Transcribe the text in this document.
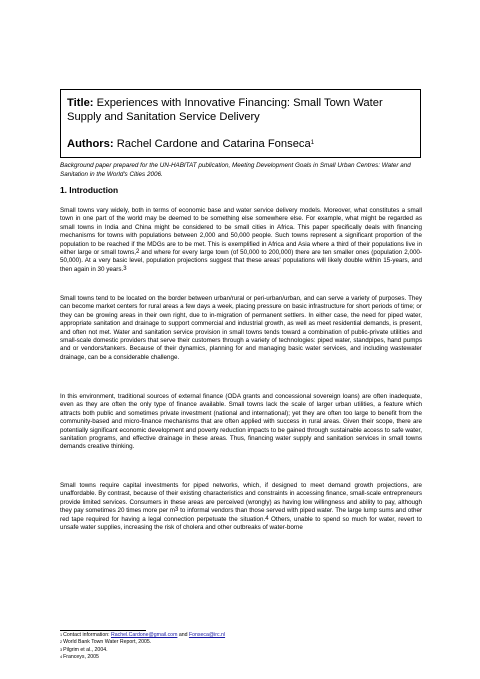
Title: Experiences with Innovative Financing: Small Town Water Supply and Sanitation Service Delivery

Authors: Rachel Cardone and Catarina Fonseca$^1$

Background paper prepared for the UN-HABITAT publication, Meeting Development Goals in Small Urban Centres: Water and Sanitation in the World's Cities 2006.
1. Introduction

Small towns vary widely, both in terms of economic base and water service delivery models. Moreover, what constitutes a small town in one part of the world may be deemed to be something else somewhere else. For example, what might be regarded as small towns in India and China might be considered to be small cities in Africa. This paper specifically deals with financing mechanisms for towns with populations between 2,000 and 50,000 people. Such towns represent a significant proportion of the population to be reached if the MDGs are to be met. This is exemplified in Africa and Asia where a third of their populations live in either large or small towns,2 and where for every large town (of 50,000 to 200,000) there are ten smaller ones (population 2,000-50,000). At a very basic level, population projections suggest that these areas' populations will likely double within 15-years, and then again in 30 years.3

Small towns tend to be located on the border between urban/rural or peri-urban/urban, and can serve a variety of purposes. They can become market centers for rural areas a few days a week, placing pressure on basic infrastructure for short periods of time; or they can be growing areas in their own right, due to in-migration of permanent settlers. In either case, the need for piped water, appropriate sanitation and drainage to support commercial and industrial growth, as well as meet residential demands, is present, and often not met. Water and sanitation service provision in small towns tends toward a combination of public-private utilities and small-scale domestic providers that serve their customers through a variety of technologies: piped water, standpipes, hand pumps and or vendors/tankers. Because of their dynamics, planning for and managing basic water services, and including wastewater drainage, can be a considerable challenge.

In this environment, traditional sources of external finance (ODA grants and concessional sovereign loans) are often inadequate, even as they are often the only type of finance available. Small towns lack the scale of larger urban utilities, a feature which attracts both public and sometimes private investment (national and international); yet they are often too large to benefit from the community-based and micro-finance mechanisms that are often applied with success in rural areas. Given their scope, there are potentially significant economic development and poverty reduction impacts to be gained through sustainable access to safe water, sanitation programs, and effective drainage in these areas. Thus, financing water supply and sanitation services in small towns demands creative thinking.

Small towns require capital investments for piped networks, which, if designed to meet demand growth projections, are unaffordable. By contrast, because of their existing characteristics and constraints in accessing finance, small-scale entrepreneurs provide limited services. Consumers in these areas are perceived (wrongly) as having low willingness and ability to pay, although they pay sometimes 20 times more per m3 to informal vendors than those served with piped water. The large lump sums and other red tape required for having a legal connection perpetuate the situation.4 Others, unable to spend so much for water, revert to unsafe water supplies, increasing the risk of cholera and other outbreaks of water-borne

$^1$Contact information: Rachel.Cardone@gmail.com and Fonseca@irc.nl
$^2$World Bank Town Water Report, 2005.
$^3$Pilgrim et al., 2004.
$^4$Franceys, 2005
